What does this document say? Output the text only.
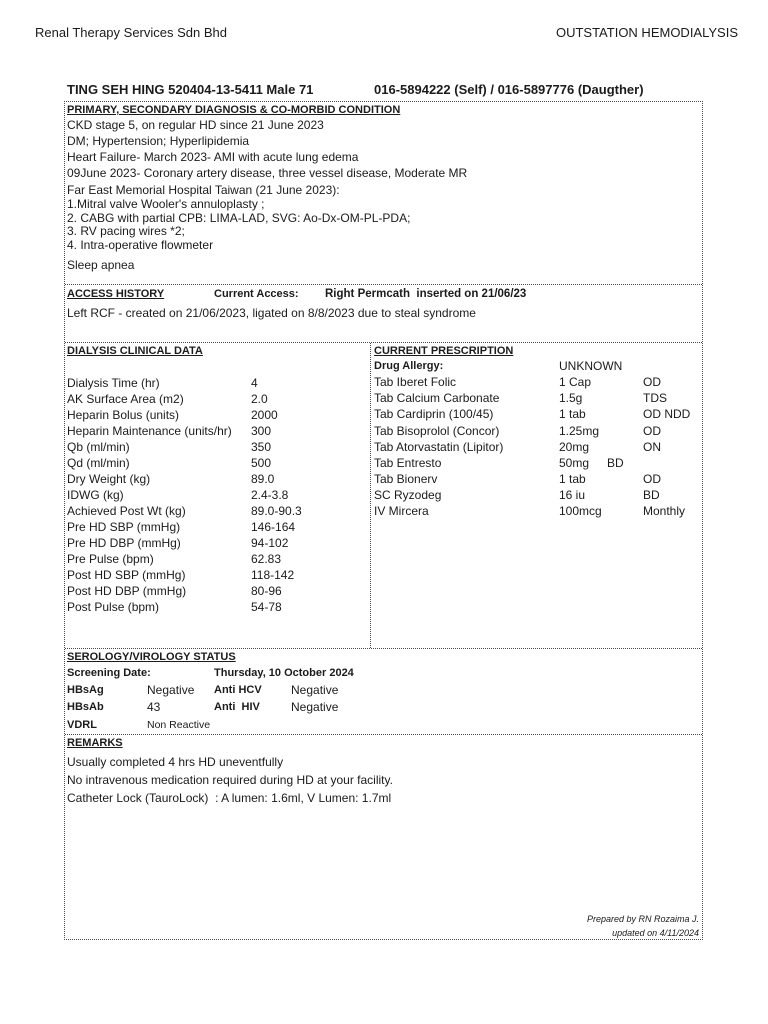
Renal Therapy Services Sdn Bhd	OUTSTATION HEMODIALYSIS
TING SEH HING 520404-13-5411 Male 71	016-5894222 (Self) / 016-5897776 (Daugther)
PRIMARY, SECONDARY DIAGNOSIS & CO-MORBID CONDITION
CKD stage 5, on regular HD since 21 June 2023
DM; Hypertension; Hyperlipidemia
Heart Failure- March 2023- AMI with acute lung edema
09June 2023- Coronary artery disease, three vessel disease, Moderate MR
Far East Memorial Hospital Taiwan (21 June 2023):
1.Mitral valve Wooler's annuloplasty ;
2. CABG with partial CPB: LIMA-LAD, SVG: Ao-Dx-OM-PL-PDA;
3. RV pacing wires *2;
4. Intra-operative flowmeter
Sleep apnea
ACCESS HISTORY	Current Access: Right Permcath  inserted on 21/06/23
Left RCF - created on 21/06/2023, ligated on 8/8/2023 due to steal syndrome
DIALYSIS CLINICAL DATA
Dialysis Time (hr)	4
AK Surface Area (m2)	2.0
Heparin Bolus (units)	2000
Heparin Maintenance (units/hr) 300
Qb (ml/min)	350
Qd (ml/min)	500
Dry Weight (kg)	89.0
IDWG (kg)	2.4-3.8
Achieved Post Wt (kg)	89.0-90.3
Pre HD SBP (mmHg)	146-164
Pre HD DBP (mmHg)	94-102
Pre Pulse (bpm)	62.83
Post HD SBP (mmHg)	118-142
Post HD DBP (mmHg)	80-96
Post Pulse (bpm)	54-78
CURRENT PRESCRIPTION
Drug Allergy:	UNKNOWN
Tab Iberet Folic	1 Cap	OD
Tab Calcium Carbonate	1.5g	TDS
Tab Cardiprin (100/45)	1 tab	OD NDD
Tab Bisoprolol (Concor)	1.25mg	OD
Tab Atorvastatin (Lipitor)	20mg	ON
Tab Entresto	50mg BD
Tab Bionerv	1 tab	OD
SC Ryzodeg	16 iu	BD
IV Mircera	100mcg	Monthly
SEROLOGY/VIROLOGY STATUS
Screening Date:	Thursday, 10 October 2024
HBsAg	Negative Anti HCV Negative
HBsAb	43	Anti  HIV	Negative
VDRL	Non Reactive
REMARKS
Usually completed 4 hrs HD uneventfully
No intravenous medication required during HD at your facility.
Catheter Lock (TauroLock)  : A lumen: 1.6ml, V Lumen: 1.7ml
Prepared by RN Rozaima J.
updated on 4/11/2024
